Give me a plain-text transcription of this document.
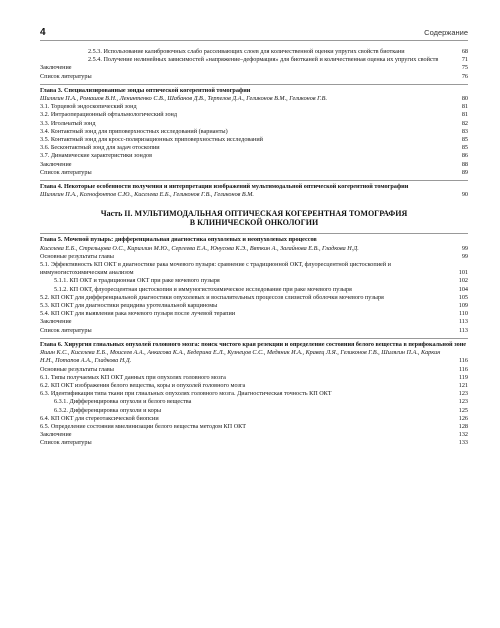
4	Содержание
2.5.3. Использование калибровочных слабо рассеивающих слоев для количественной оценки упругих свойств биоткани	68
2.5.4. Получение нелинейных зависимостей «напряжение–деформация» для биотканей и количественная оценка их упругих свойств	71
Заключение	75
Список литературы	76
Глава 3. Специализированные зонды оптической когерентной томографии
Шилягин П.А., Ромашов В.Н., Ленинтенко С.В., Шабанов Д.В., Терпелов Д.А., Геликонов В.М., Геликонов Г.В.	80
3.1. Торцевой эндоскопический зонд	81
3.2. Интраоперационный офтальмологический зонд	81
3.3. Игольчатый зонд	82
3.4. Контактный зонд для приповерхностных исследований (варианты)	83
3.5. Контактный зонд для кросс-поляризационных приповерхностных исследований	85
3.6. Бесконтактный зонд для задач отоскопии	85
3.7. Динамические характеристики зондов	86
Заключение	88
Список литературы	89
Глава 4. Некоторые особенности получения и интерпретации изображений мультимодальной оптической когерентной томографии
Шилягин П.А., Ксенофонтов С.Ю., Киселева Е.Б., Геликонов Г.В., Геликонов В.М.	90
Часть II. МУЛЬТИМОДАЛЬНАЯ ОПТИЧЕСКАЯ КОГЕРЕНТНАЯ ТОМОГРАФИЯ
В КЛИНИЧЕСКОЙ ОНКОЛОГИИ
Глава 5. Мочевой пузырь: дифференциальная диагностика опухолевых и неопухолевых процессов
Киселева Е.Б., Стрельцова О.С., Кириллин М.Ю., Сергеева Е.А., Юнусова К.Э., Вяткин А., Загайнова Е.В., Гладкова Н.Д.	99
Основные результаты главы	99
5.1. Эффективность КП ОКТ в диагностике рака мочевого пузыря: сравнение с традиционной ОКТ, флуоресцентной цистоскопией и иммуногистохимическим анализом	101
5.1.1. КП ОКТ и традиционная ОКТ при раке мочевого пузыря	102
5.1.2. КП ОКТ, флуоресцентная цистоскопия и иммуногистохимическое исследование при раке мочевого пузыря	104
5.2. КП ОКТ для дифференциальной диагностики опухолевых и воспалительных процессов слизистой оболочки мочевого пузыря	105
5.3. КП ОКТ для диагностики рецидива уротелиальной карциномы	109
5.4. КП ОКТ для выявления рака мочевого пузыря после лучевой терапии	110
Заключение	113
Список литературы	113
Глава 6. Хирургия глиальных опухолей головного мозга: поиск чистого края резекции и определение состояния белого вещества в перифокальной зоне
Яшин К.С., Киселева Е.Б., Моисеев А.А., Анкасова К.А., Бедерина Е.Л., Кузнецов С.С., Медяник И.А., Кравец Л.Я., Геликонов Г.В., Шилягин П.А., Каркин Н.Н., Потапов А.А., Гладкова Н.Д.	116
Основные результаты главы	116
6.1. Типы получаемых КП ОКТ данных при опухолях головного мозга	119
6.2. КП ОКТ изображения белого вещества, коры и опухолей головного мозга	121
6.3. Идентификация типа ткани при глиальных опухолях головного мозга. Диагностическая точность КП ОКТ	123
6.3.1. Дифференцировка опухоли и белого вещества	123
6.3.2. Дифференцировка опухоли и коры	125
6.4. КП ОКТ для стереотаксической биопсии	126
6.5. Определение состояния миелинизации белого вещества методом КП ОКТ	128
Заключение	132
Список литературы	133
